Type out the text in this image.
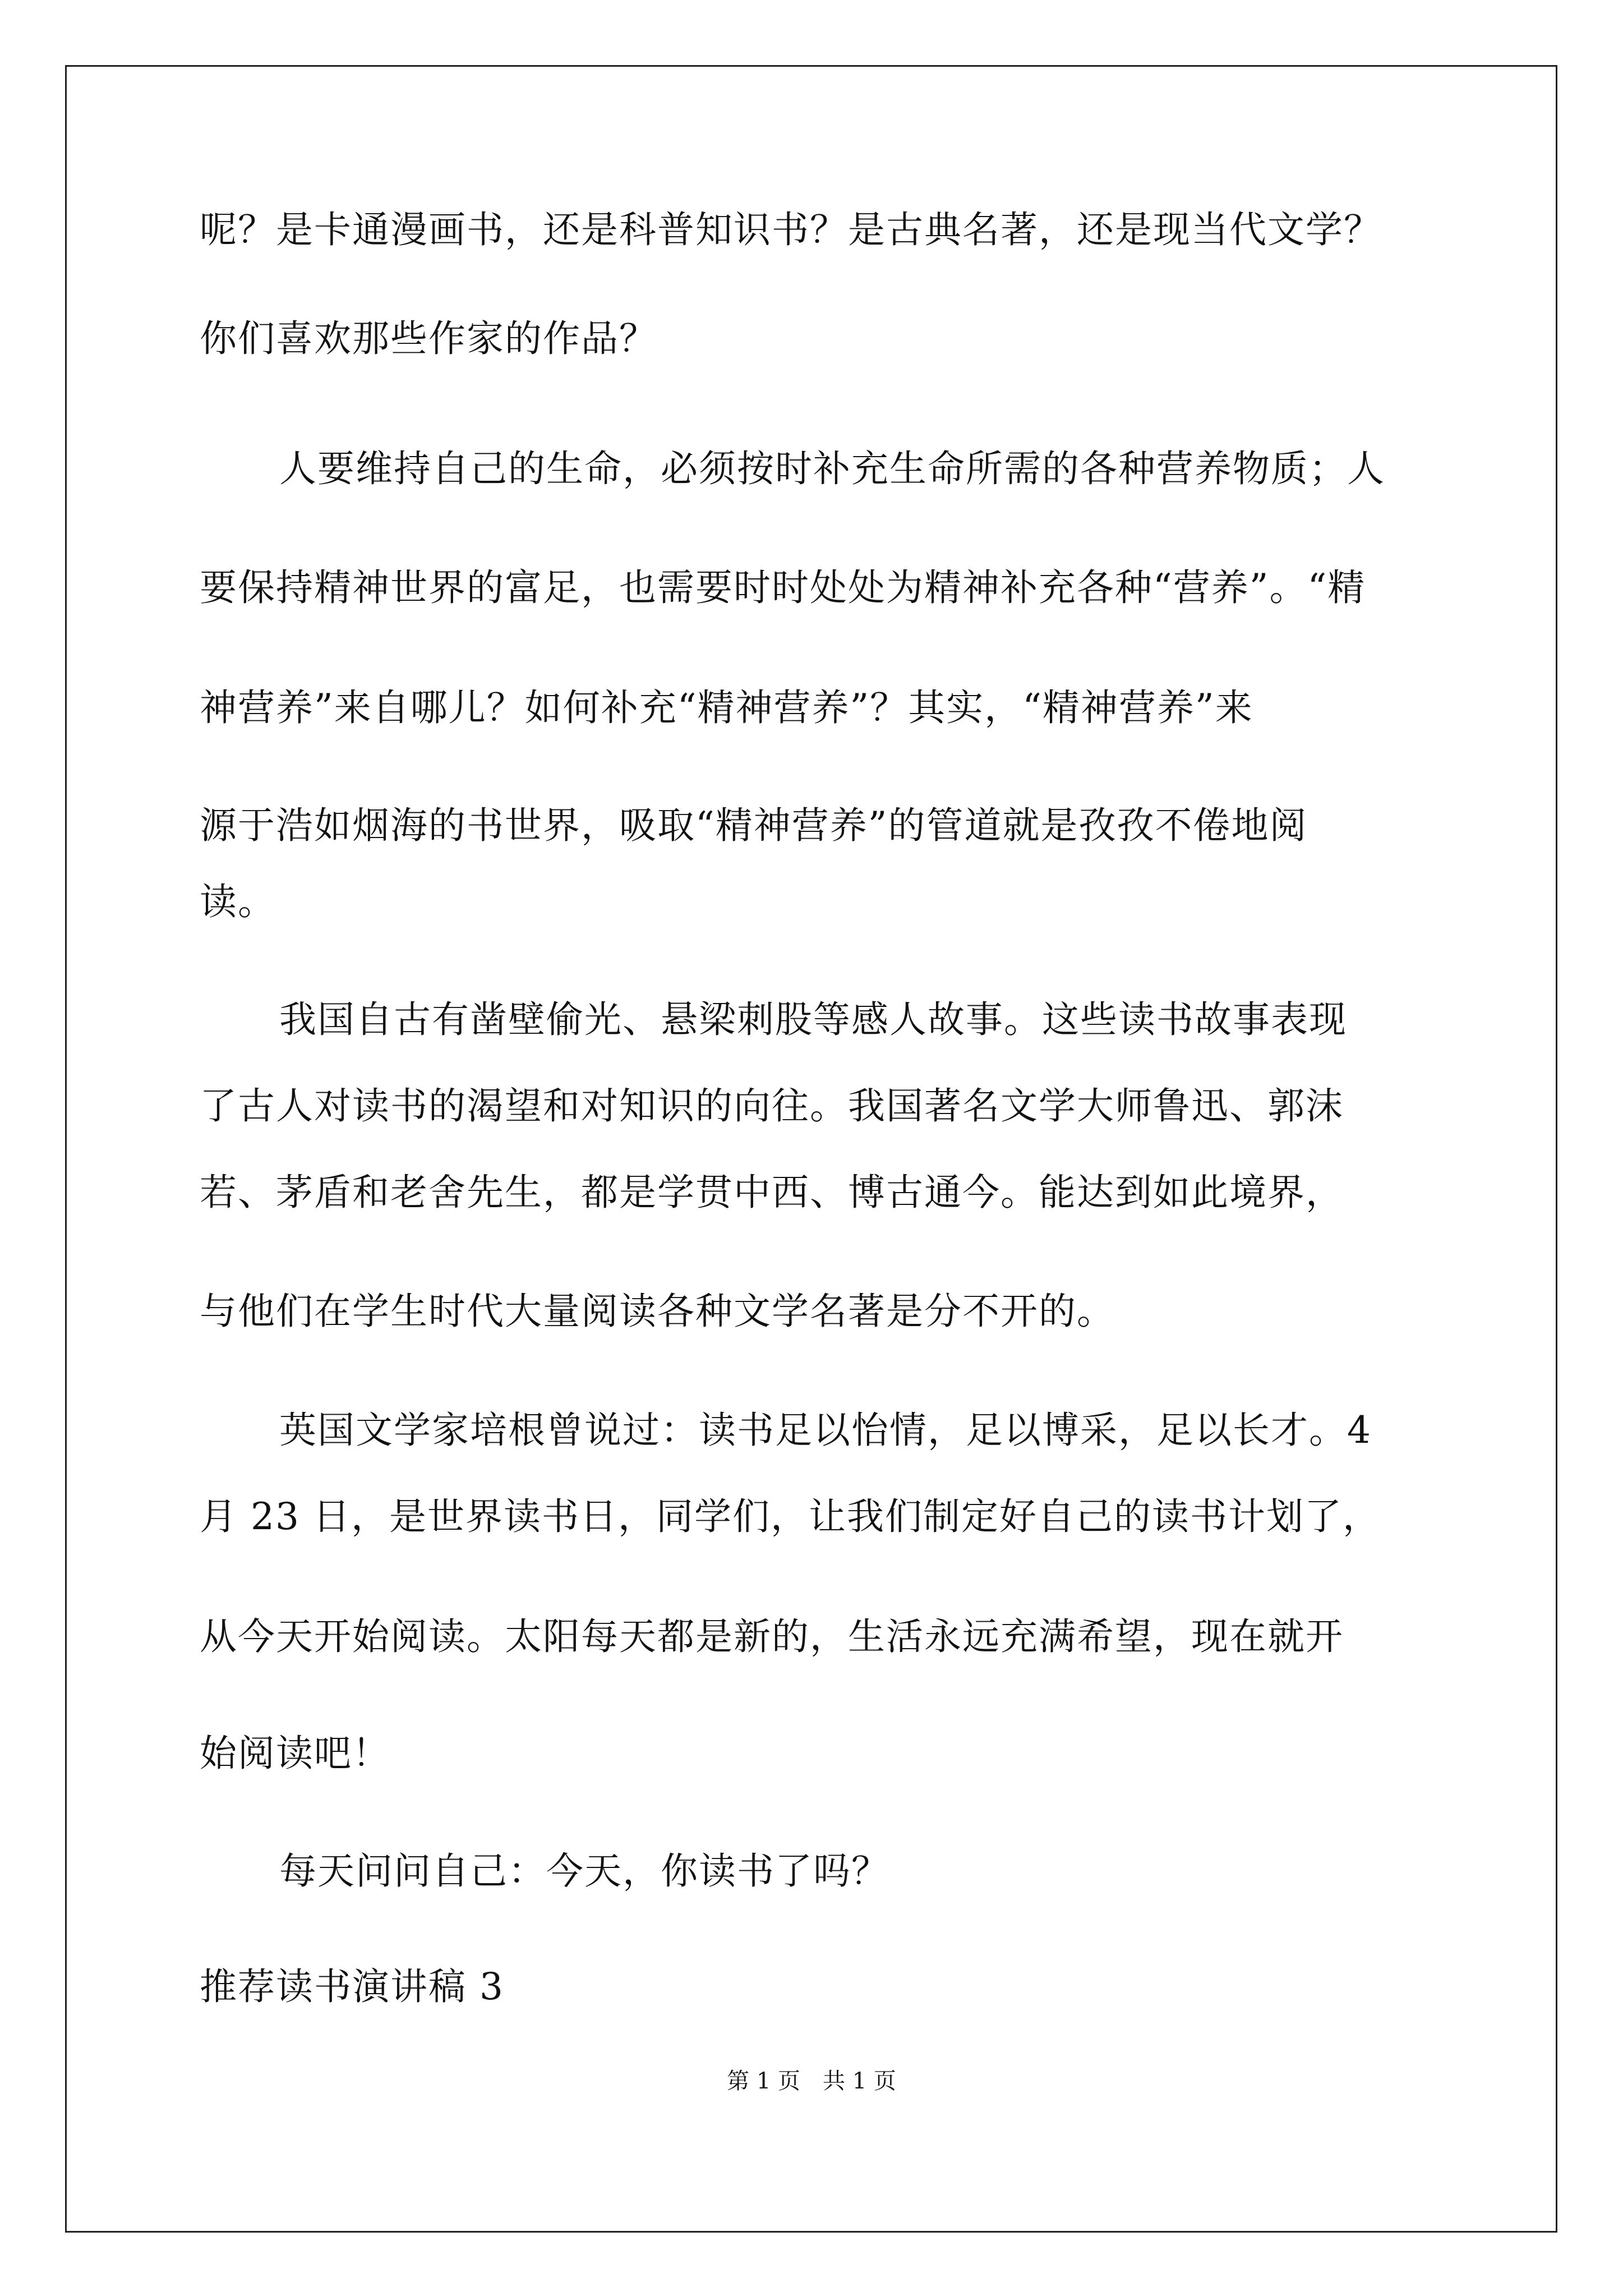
呢？是卡通漫画书，还是科普知识书？是古典名著，还是现当代文学？
你们喜欢那些作家的作品？
人要维持自己的生命，必须按时补充生命所需的各种营养物质；人
要保持精神世界的富足，也需要时时处处为精神补充各种“营养”。“精
神营养”来自哪儿？如何补充“精神营养”？其实，“精神营养”来
源于浩如烟海的书世界，吸取“精神营养”的管道就是孜孜不倦地阅
读。
我国自古有凿壁偷光、悬梁刺股等感人故事。这些读书故事表现
了古人对读书的渴望和对知识的向往。我国著名文学大师鲁迅、郭沫
若、茅盾和老舍先生，都是学贯中西、博古通今。能达到如此境界，
与他们在学生时代大量阅读各种文学名著是分不开的。
英国文学家培根曾说过：读书足以怡情，足以博采，足以长才。4
月 23 日，是世界读书日，同学们，让我们制定好自己的读书计划了，
从今天开始阅读。太阳每天都是新的，生活永远充满希望，现在就开
始阅读吧！
每天问问自己：今天，你读书了吗？
推荐读书演讲稿 3
第 1 页　共 1 页
